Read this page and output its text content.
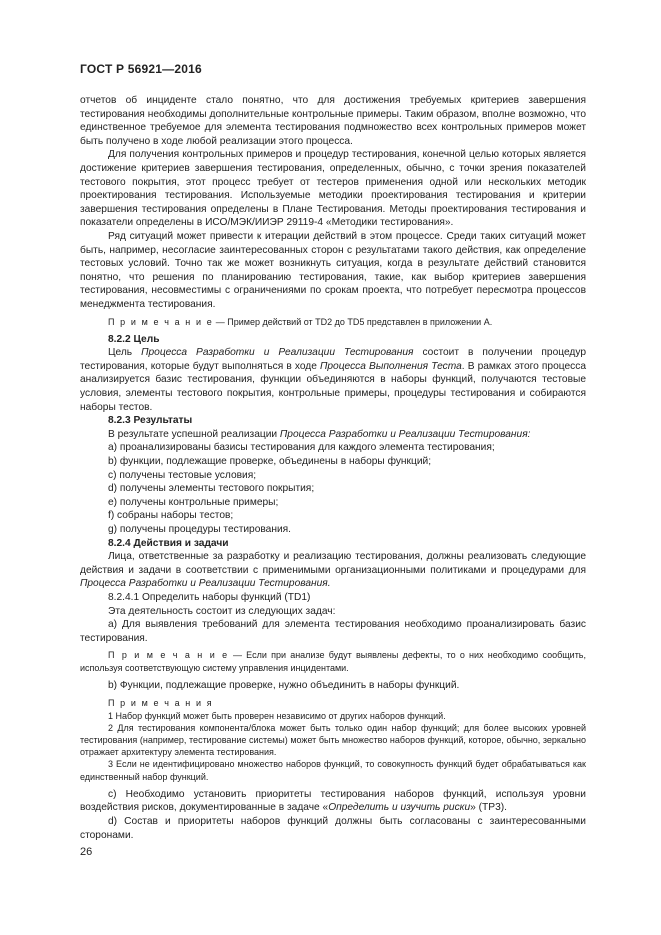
ГОСТ Р 56921—2016

отчетов об инциденте стало понятно, что для достижения требуемых критериев завершения тестирования необходимы дополнительные контрольные примеры. Таким образом, вполне возможно, что единственное требуемое для элемента тестирования подмножество всех контрольных примеров может быть получено в ходе любой реализации этого процесса.

Для получения контрольных примеров и процедур тестирования, конечной целью которых является достижение критериев завершения тестирования, определенных, обычно, с точки зрения показателей тестового покрытия, этот процесс требует от тестеров применения одной или нескольких методик проектирования тестирования. Используемые методики проектирования тестирования и критерии завершения тестирования определены в Плане Тестирования. Методы проектирования тестирования и показатели определены в ИСО/МЭК/ИИЭР 29119-4 «Методики тестирования».

Ряд ситуаций может привести к итерации действий в этом процессе. Среди таких ситуаций может быть, например, несогласие заинтересованных сторон с результатами такого действия, как определение тестовых условий. Точно так же может возникнуть ситуация, когда в результате действий становится понятно, что решения по планированию тестирования, такие, как выбор критериев завершения тестирования, несовместимы с ограничениями по срокам проекта, что потребует пересмотра процессов менеджмента тестирования.

П р и м е ч а н и е — Пример действий от TD2 до TD5 представлен в приложении А.

8.2.2 Цель

Цель Процесса Разработки и Реализации Тестирования состоит в получении процедур тестирования, которые будут выполняться в ходе Процесса Выполнения Теста. В рамках этого процесса анализируется базис тестирования, функции объединяются в наборы функций, получаются тестовые условия, элементы тестового покрытия, контрольные примеры, процедуры тестирования и собираются наборы тестов.

8.2.3 Результаты

В результате успешной реализации Процесса Разработки и Реализации Тестирования:

a) проанализированы базисы тестирования для каждого элемента тестирования;

b) функции, подлежащие проверке, объединены в наборы функций;

c) получены тестовые условия;

d) получены элементы тестового покрытия;

e) получены контрольные примеры;

f) собраны наборы тестов;

g) получены процедуры тестирования.

8.2.4 Действия и задачи

Лица, ответственные за разработку и реализацию тестирования, должны реализовать следующие действия и задачи в соответствии с применимыми организационными политиками и процедурами для Процесса Разработки и Реализации Тестирования.

8.2.4.1 Определить наборы функций (TD1)

Эта деятельность состоит из следующих задач:

a) Для выявления требований для элемента тестирования необходимо проанализировать базис тестирования.

П р и м е ч а н и е — Если при анализе будут выявлены дефекты, то о них необходимо сообщить, используя соответствующую систему управления инцидентами.

b) Функции, подлежащие проверке, нужно объединить в наборы функций.

П р и м е ч а н и я

1 Набор функций может быть проверен независимо от других наборов функций.

2 Для тестирования компонента/блока может быть только один набор функций; для более высоких уровней тестирования (например, тестирование системы) может быть множество наборов функций, которое, обычно, зеркально отражает архитектуру элемента тестирования.

3 Если не идентифицировано множество наборов функций, то совокупность функций будет обрабатываться как единственный набор функций.

c) Необходимо установить приоритеты тестирования наборов функций, используя уровни воздействия рисков, документированные в задаче «Определить и изучить риски» (TP3).

d) Состав и приоритеты наборов функций должны быть согласованы с заинтересованными сторонами.

26
